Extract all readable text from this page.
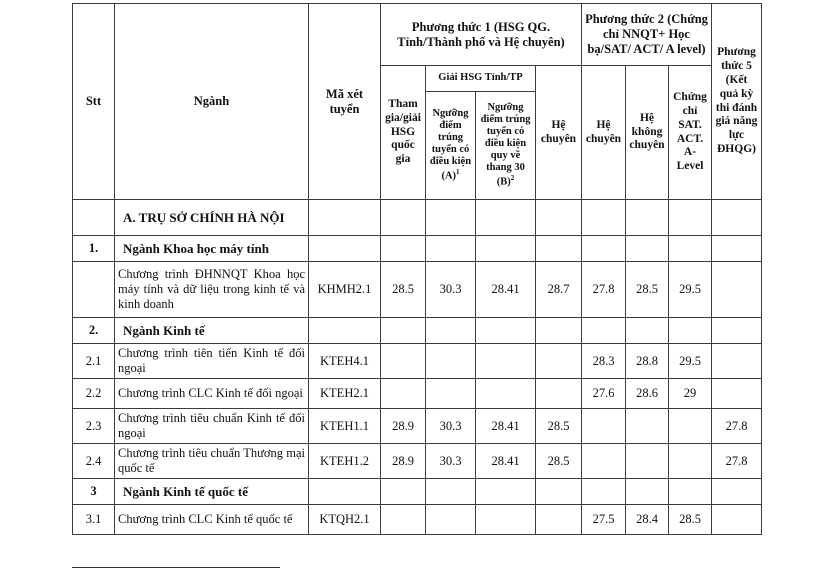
Stt	Ngành	Mã xét tuyển	Phương thức 1 (HSG QG. Tỉnh/Thành phố và Hệ chuyên)				Phương thức 2 (Chứng chỉ NNQT+ Học bạ/SAT/ ACT/ A level)			Phương thức 5 (Kết quả kỳ thi đánh giá năng lực ĐHQG)
			Tham gia/giải HSG quốc gia	Giải HSG Tỉnh/TP		Hệ chuyên	Hệ chuyên	Hệ không chuyên	Chứng chỉ SAT. ACT. A-Level	
				Ngưỡng điểm trúng tuyển có điều kiện $(A)^1$	Ngưỡng điểm trúng tuyển có điều kiện quy về thang 30 $(B)^2$
	A. TRỤ SỞ CHÍNH HÀ NỘI									
1.	Ngành Khoa học máy tính									
	Chương trình ĐHNNQT Khoa học máy tính và dữ liệu trong kinh tế và kinh doanh	KHMH2.1	28.5	30.3	28.41	28.7	27.8	28.5	29.5	
2.	Ngành Kinh tế									
2.1	Chương trình tiên tiến Kinh tế đối ngoại	KTEH4.1					28.3	28.8	29.5	
2.2	Chương trình CLC Kinh tế đối ngoại	KTEH2.1					27.6	28.6	29	
2.3	Chương trình tiêu chuẩn Kinh tế đối ngoại	KTEH1.1	28.9	30.3	28.41	28.5				27.8
2.4	Chương trình tiêu chuẩn Thương mại quốc tế	KTEH1.2	28.9	30.3	28.41	28.5				27.8
3	Ngành Kinh tế quốc tế									
3.1	Chương trình CLC Kinh tế quốc tế	KTQH2.1					27.5	28.4	28.5	
